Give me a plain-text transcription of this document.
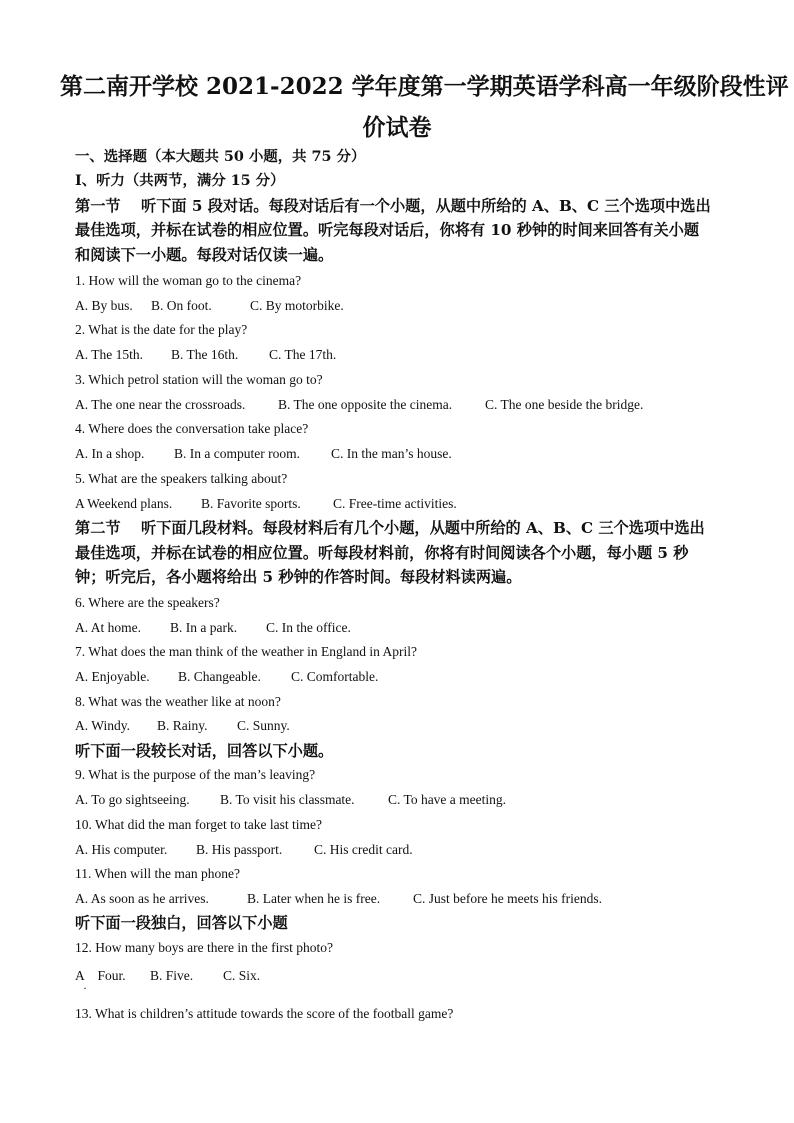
第二南开学校 2021-2022 学年度第一学期英语学科高一年级阶段性评
价试卷
一、选择题（本大题共 50 小题，共 75 分）
Ⅰ、听力（共两节，满分 15 分）
第一节　 听下面 5 段对话。每段对话后有一个小题，从题中所给的 A、B、C 三个选项中选出
最佳选项，并标在试卷的相应位置。听完每段对话后，你将有 10 秒钟的时间来回答有关小题
和阅读下一小题。每段对话仅读一遍。
1. How will the woman go to the cinema?
A. By bus. B. On foot.	C. By motorbike.
2. What is the date for the play?
A. The 15th. B. The 16th. C. The 17th.
3. Which petrol station will the woman go to?
A. The one near the crossroads. B. The one opposite the cinema. C. The one beside the bridge.
4. Where does the conversation take place?
A. In a shop. B. In a computer room. C. In the man’s house.
5. What are the speakers talking about?
A Weekend plans. B. Favorite sports. C. Free-time activities.
第二节　 听下面几段材料。每段材料后有几个小题，从题中所给的 A、B、C 三个选项中选出
最佳选项，并标在试卷的相应位置。听每段材料前，你将有时间阅读各个小题，每小题 5 秒
钟；听完后，各小题将给出 5 秒钟的作答时间。每段材料读两遍。
6. Where are the speakers?
A. At home. B. In a park. C. In the office.
7. What does the man think of the weather in England in April?
A. Enjoyable. B. Changeable. C. Comfortable.
8. What was the weather like at noon?
A. Windy. B. Rainy. C. Sunny.
听下面一段较长对话，回答以下小题。
9. What is the purpose of the man’s leaving?
A. To go sightseeing. B. To visit his classmate. C. To have a meeting.
10. What did the man forget to take last time?
A. His computer. B. His passport. C. His credit card.
11. When will the man phone?
A. As soon as he arrives.	B. Later when he is free. C. Just before he meets his friends.
听下面一段独白，回答以下小题
12. How many boys are there in the first photo?
A　Four. B. Five. C. Six.
·
13. What is children’s attitude towards the score of the football game?
